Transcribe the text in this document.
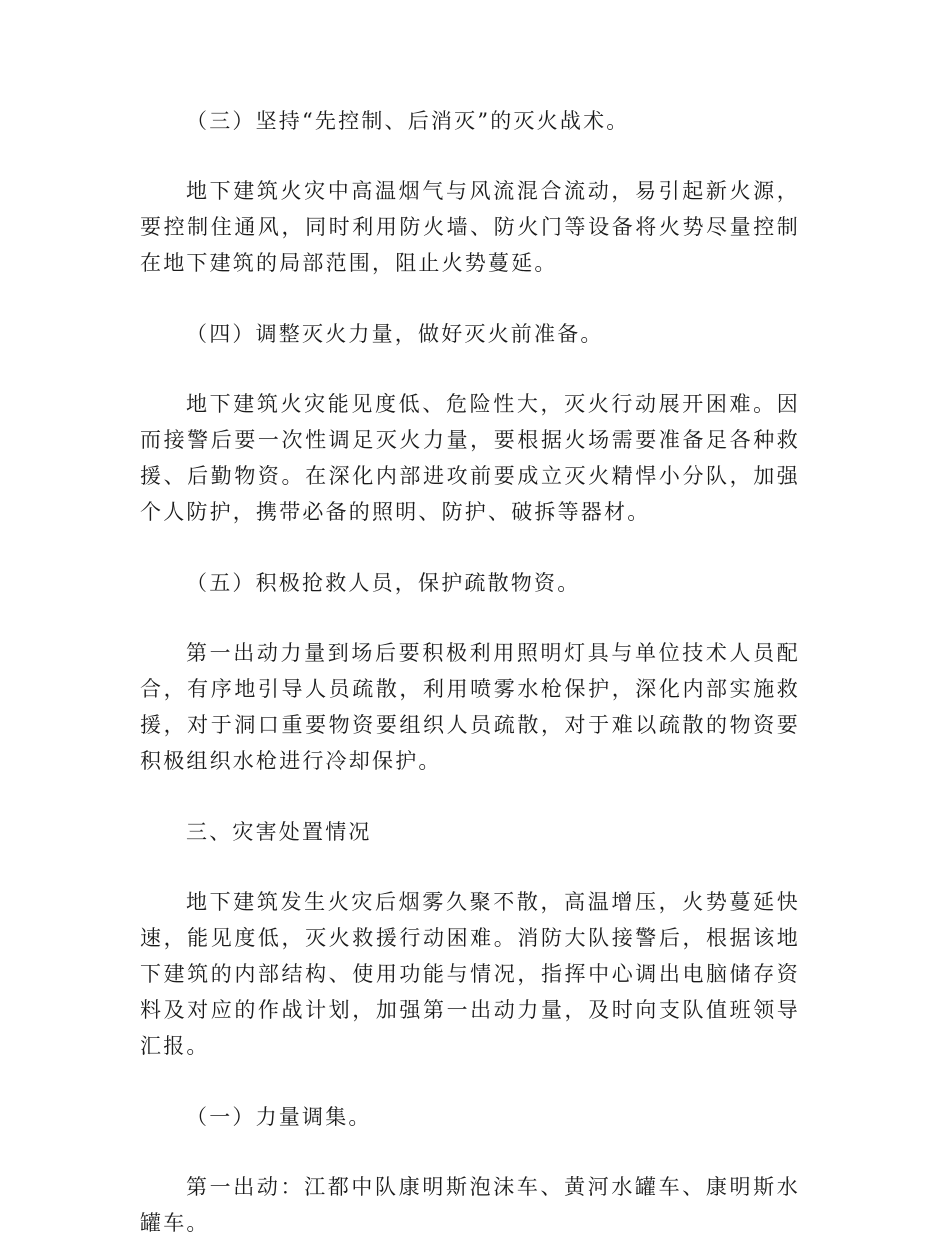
（三）坚持“先控制、后消灭”的灭火战术。

地下建筑火灾中高温烟气与风流混合流动，易引起新火源，要控制住通风，同时利用防火墙、防火门等设备将火势尽量控制在地下建筑的局部范围，阻止火势蔓延。

（四）调整灭火力量，做好灭火前准备。

地下建筑火灾能见度低、危险性大，灭火行动展开困难。因而接警后要一次性调足灭火力量，要根据火场需要准备足各种救援、后勤物资。在深化内部进攻前要成立灭火精悍小分队，加强个人防护，携带必备的照明、防护、破拆等器材。

（五）积极抢救人员，保护疏散物资。

第一出动力量到场后要积极利用照明灯具与单位技术人员配合，有序地引导人员疏散，利用喷雾水枪保护，深化内部实施救援，对于洞口重要物资要组织人员疏散，对于难以疏散的物资要积极组织水枪进行冷却保护。

三、灾害处置情况

地下建筑发生火灾后烟雾久聚不散，高温增压，火势蔓延快速，能见度低，灭火救援行动困难。消防大队接警后，根据该地下建筑的内部结构、使用功能与情况，指挥中心调出电脑储存资料及对应的作战计划，加强第一出动力量，及时向支队值班领导汇报。

（一）力量调集。

第一出动：江都中队康明斯泡沫车、黄河水罐车、康明斯水罐车。
